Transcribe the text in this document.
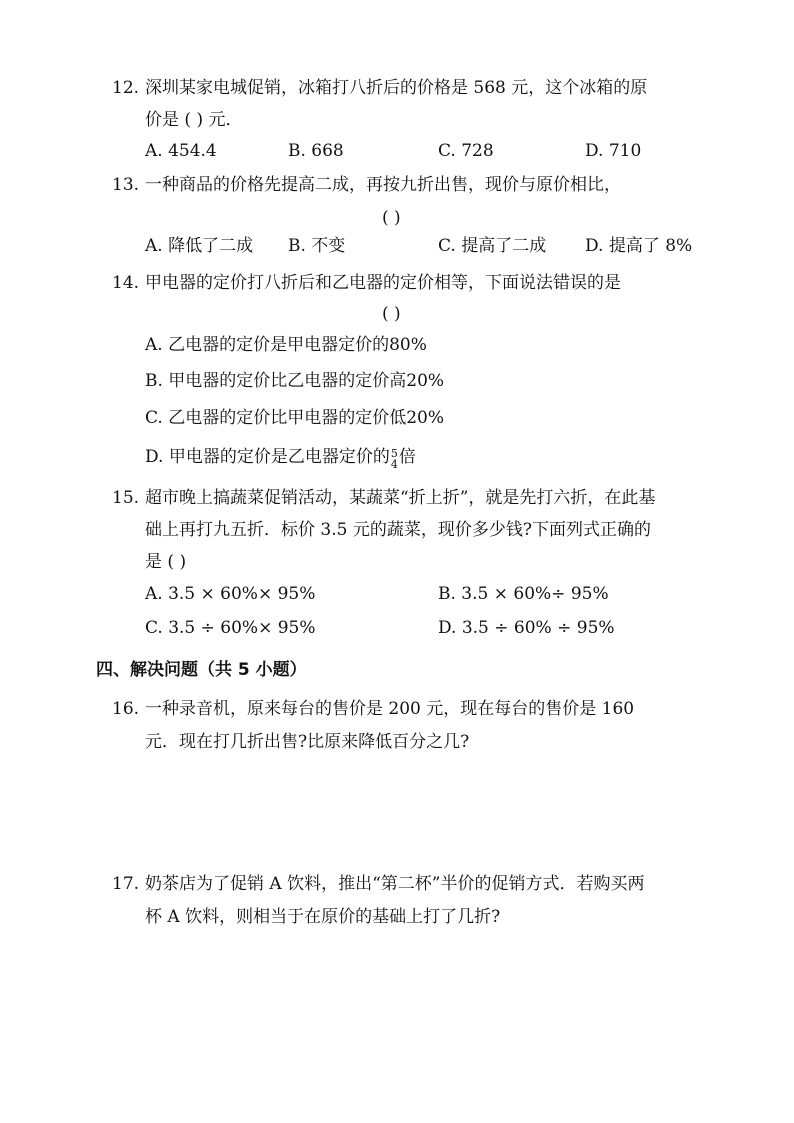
12. 深圳某家电城促销，冰箱打八折后的价格是 568 元，这个冰箱的原
价是 ( ) 元．
A. 454.4	B. 668	C. 728	D. 710
13. 一种商品的价格先提高二成，再按九折出售，现价与原价相比，
( )
A. 降低了二成 B. 不变	C. 提高了二成 D. 提高了 8%
14. 甲电器的定价打八折后和乙电器的定价相等，下面说法错误的是
( )
A. 乙电器的定价是甲电器定价的80%
B. 甲电器的定价比乙电器的定价高20%
C. 乙电器的定价比甲电器的定价低20%
D. 甲电器的定价是乙电器定价的 5
4 倍
15. 超市晚上搞蔬菜促销活动，某蔬菜“折上折”，就是先打六折，在此基
础上再打九五折．标价 3.5 元的蔬菜，现价多少钱?下面列式正确的
是 ( )
A. 3.5 × 60%× 95%	B. 3.5 × 60%÷ 95%
C. 3.5 ÷ 60%× 95%	D. 3.5 ÷ 60% ÷ 95%
四、解决问题（共 5 小题）
16. 一种录音机，原来每台的售价是 200 元，现在每台的售价是 160
元．现在打几折出售?比原来降低百分之几?
17. 奶茶店为了促销 A 饮料，推出“第二杯”半价的促销方式．若购买两
杯 A 饮料，则相当于在原价的基础上打了几折?
